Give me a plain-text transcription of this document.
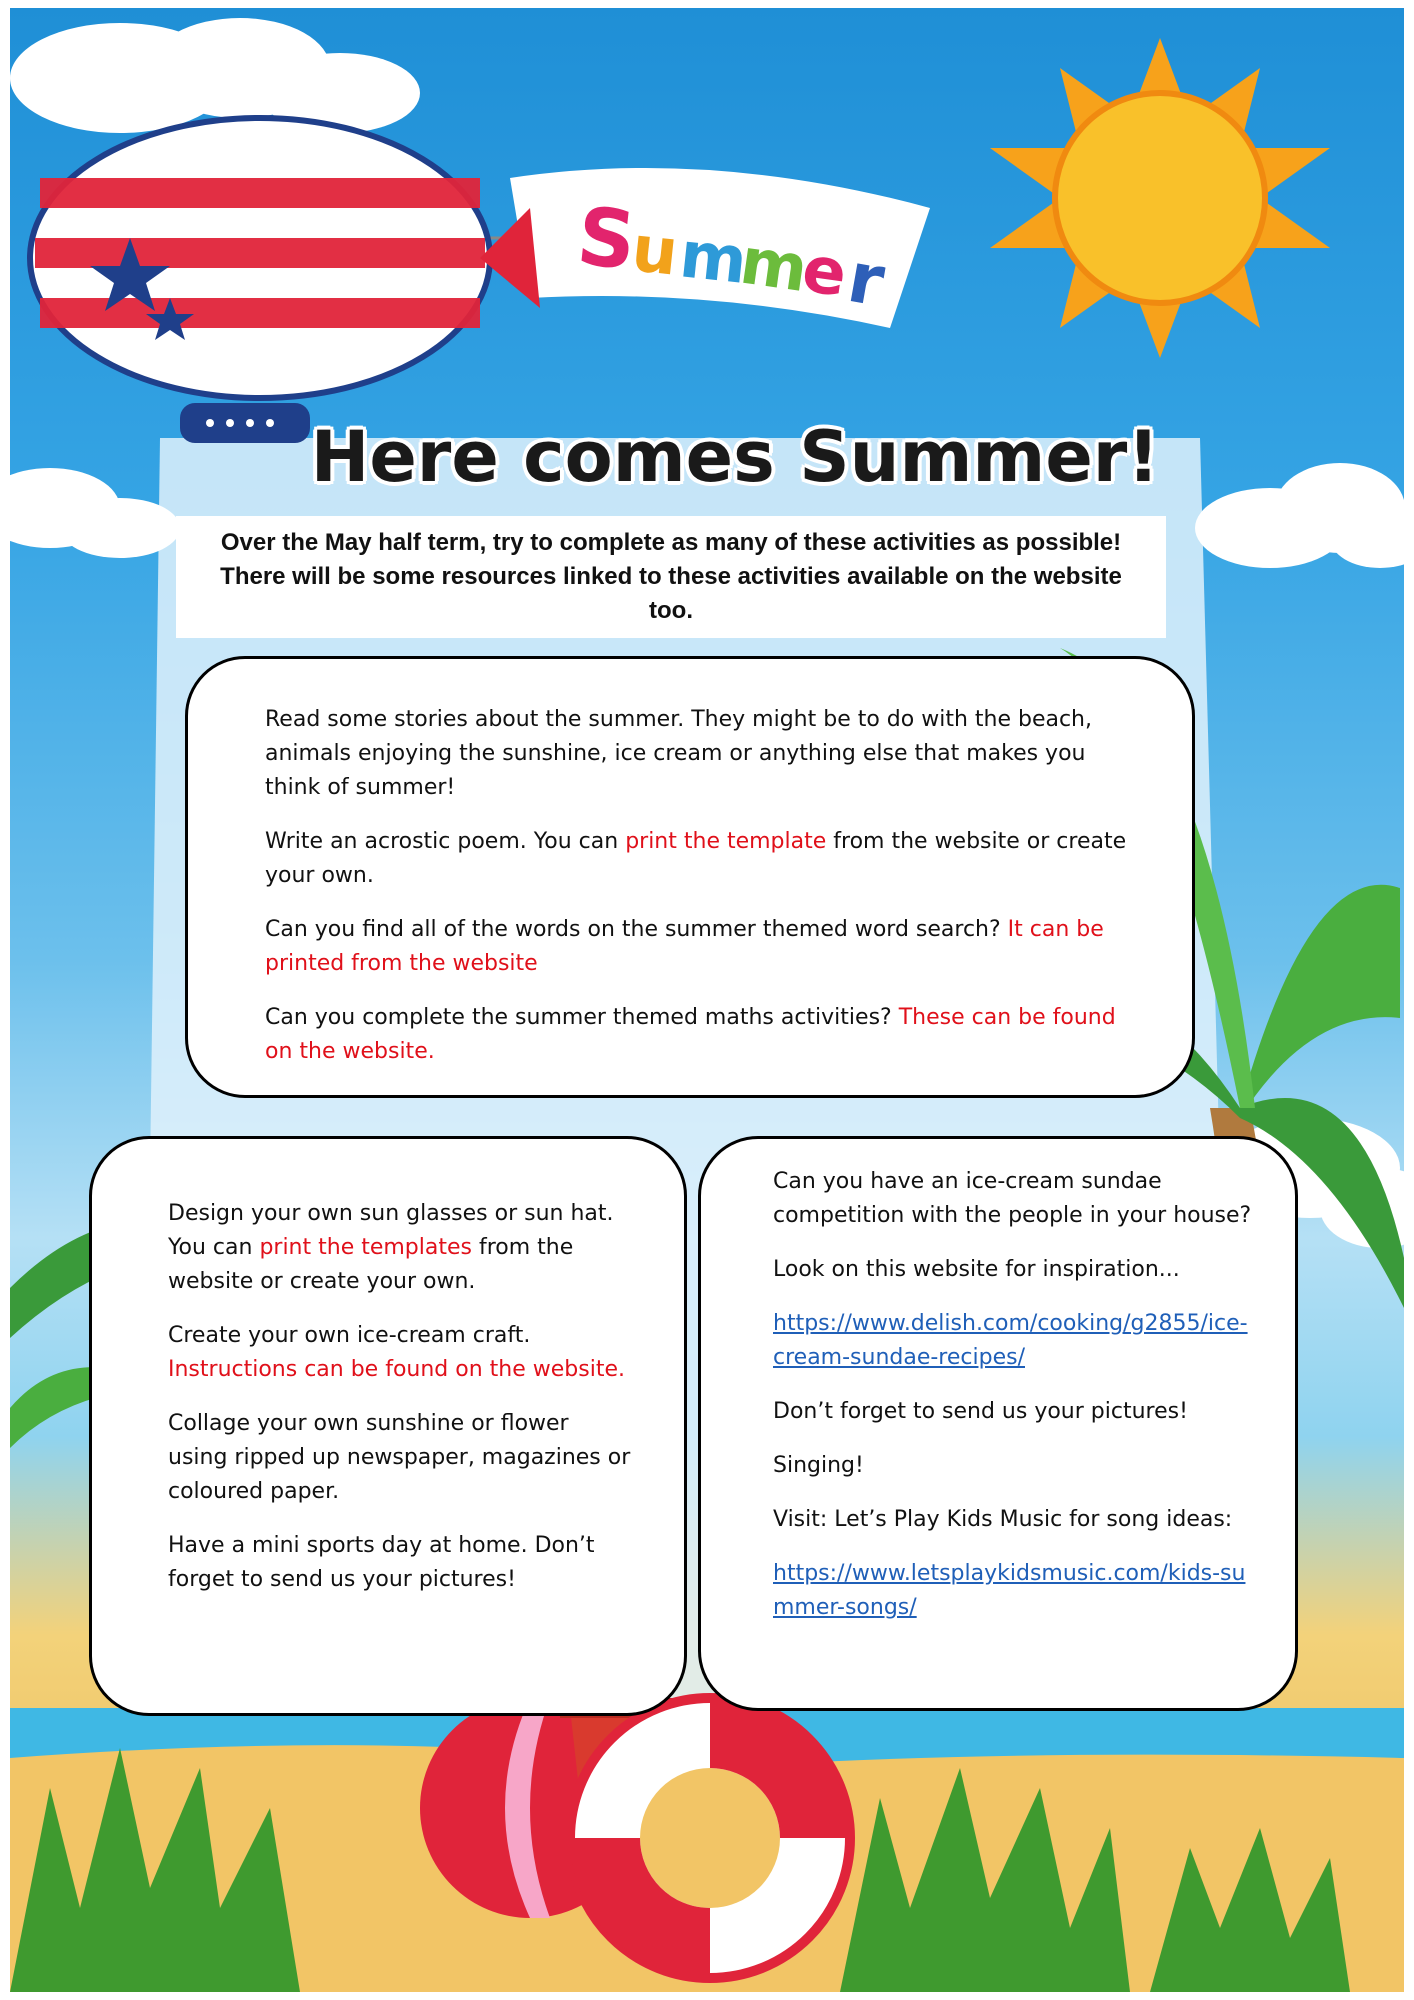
S
u
m
m
e
r
Here comes Summer!
Over the May half term, try to complete as many of these activities as possible!
There will be some resources linked to these activities available on the website too.

Read some stories about the summer. They might be to do with the beach, animals enjoying the sunshine, ice cream or anything else that makes you think of summer!

Write an acrostic poem. You can print the template from the website or create your own.

Can you find all of the words on the summer themed word search? It can be printed from the website

Can you complete the summer themed maths activities? These can be found on the website.

Design your own sun glasses or sun hat. You can print the templates from the website or create your own.

Create your own ice-cream craft.
Instructions can be found on the website.

Collage your own sunshine or flower using ripped up newspaper, magazines or coloured paper.

Have a mini sports day at home. Don’t forget to send us your pictures!

Can you have an ice-cream sundae competition with the people in your house?

Look on this website for inspiration...

https://www.delish.com/cooking/g2855/ice-cream-sundae-recipes/

Don’t forget to send us your pictures!

Singing!

Visit: Let’s Play Kids Music for song ideas:

https://www.letsplaykidsmusic.com/kids-summer-songs/
